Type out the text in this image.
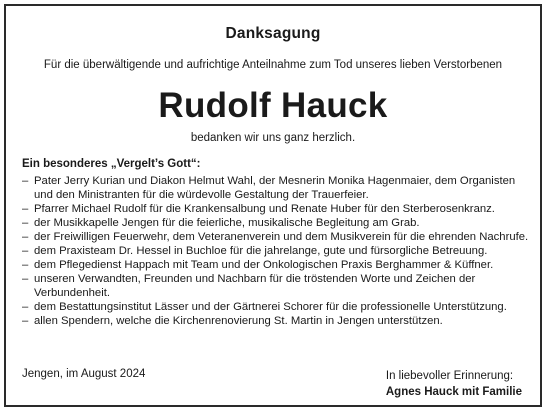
Danksagung
Für die überwältigende und aufrichtige Anteilnahme zum Tod unseres lieben Verstorbenen
Rudolf Hauck
bedanken wir uns ganz herzlich.
Ein besonderes „Vergelt’s Gott“:
– Pater Jerry Kurian und Diakon Helmut Wahl, der Mesnerin Monika Hagenmaier, dem Organisten und den Ministranten für die würdevolle Gestaltung der Trauerfeier.
– Pfarrer Michael Rudolf für die Krankensalbung und Renate Huber für den Sterberosenkranz.
– der Musikkapelle Jengen für die feierliche, musikalische Begleitung am Grab.
– der Freiwilligen Feuerwehr, dem Veteranenverein und dem Musikverein für die ehrenden Nachrufe.
– dem Praxisteam Dr. Hessel in Buchloe für die jahrelange, gute und fürsorgliche Betreuung.
– dem Pflegedienst Happach mit Team und der Onkologischen Praxis Berghammer & Küffner.
– unseren Verwandten, Freunden und Nachbarn für die tröstenden Worte und Zeichen der Verbundenheit.
– dem Bestattungsinstitut Lässer und der Gärtnerei Schorer für die professionelle Unterstützung.
– allen Spendern, welche die Kirchenrenovierung St. Martin in Jengen unterstützen.
Jengen, im August 2024	In liebevoller Erinnerung:
Agnes Hauck mit Familie
